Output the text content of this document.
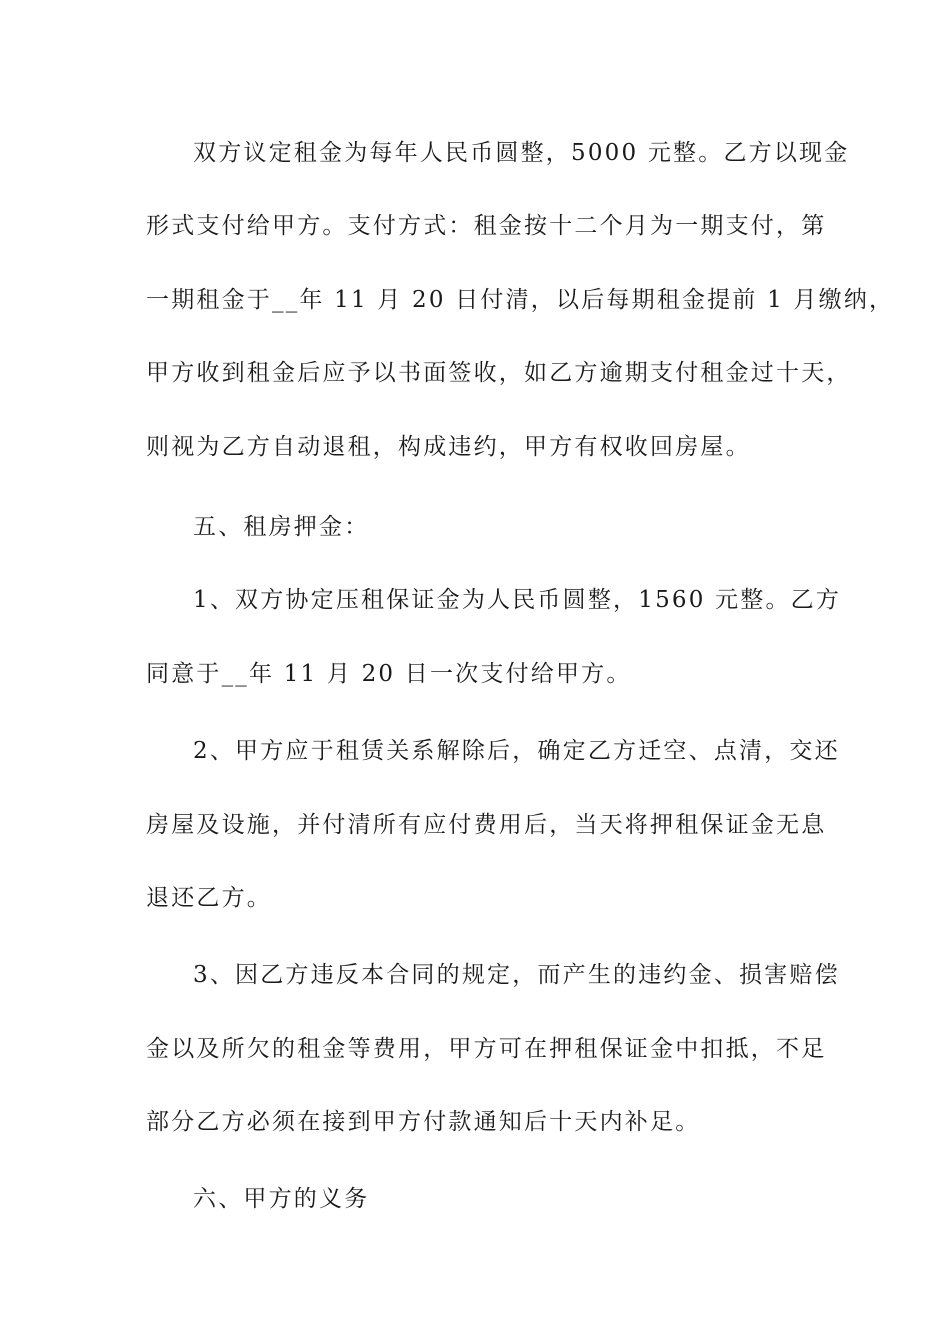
双方议定租金为每年人民币圆整，5000 元整。乙方以现金
形式支付给甲方。支付方式：租金按十二个月为一期支付，第
一期租金于__年 11 月 20 日付清，以后每期租金提前 1 月缴纳，
甲方收到租金后应予以书面签收，如乙方逾期支付租金过十天，
则视为乙方自动退租，构成违约，甲方有权收回房屋。
五、租房押金：
1、双方协定压租保证金为人民币圆整，1560 元整。乙方
同意于__年 11 月 20 日一次支付给甲方。
2、甲方应于租赁关系解除后，确定乙方迁空、点清，交还
房屋及设施，并付清所有应付费用后，当天将押租保证金无息
退还乙方。
3、因乙方违反本合同的规定，而产生的违约金、损害赔偿
金以及所欠的租金等费用，甲方可在押租保证金中扣抵，不足
部分乙方必须在接到甲方付款通知后十天内补足。
六、甲方的义务
